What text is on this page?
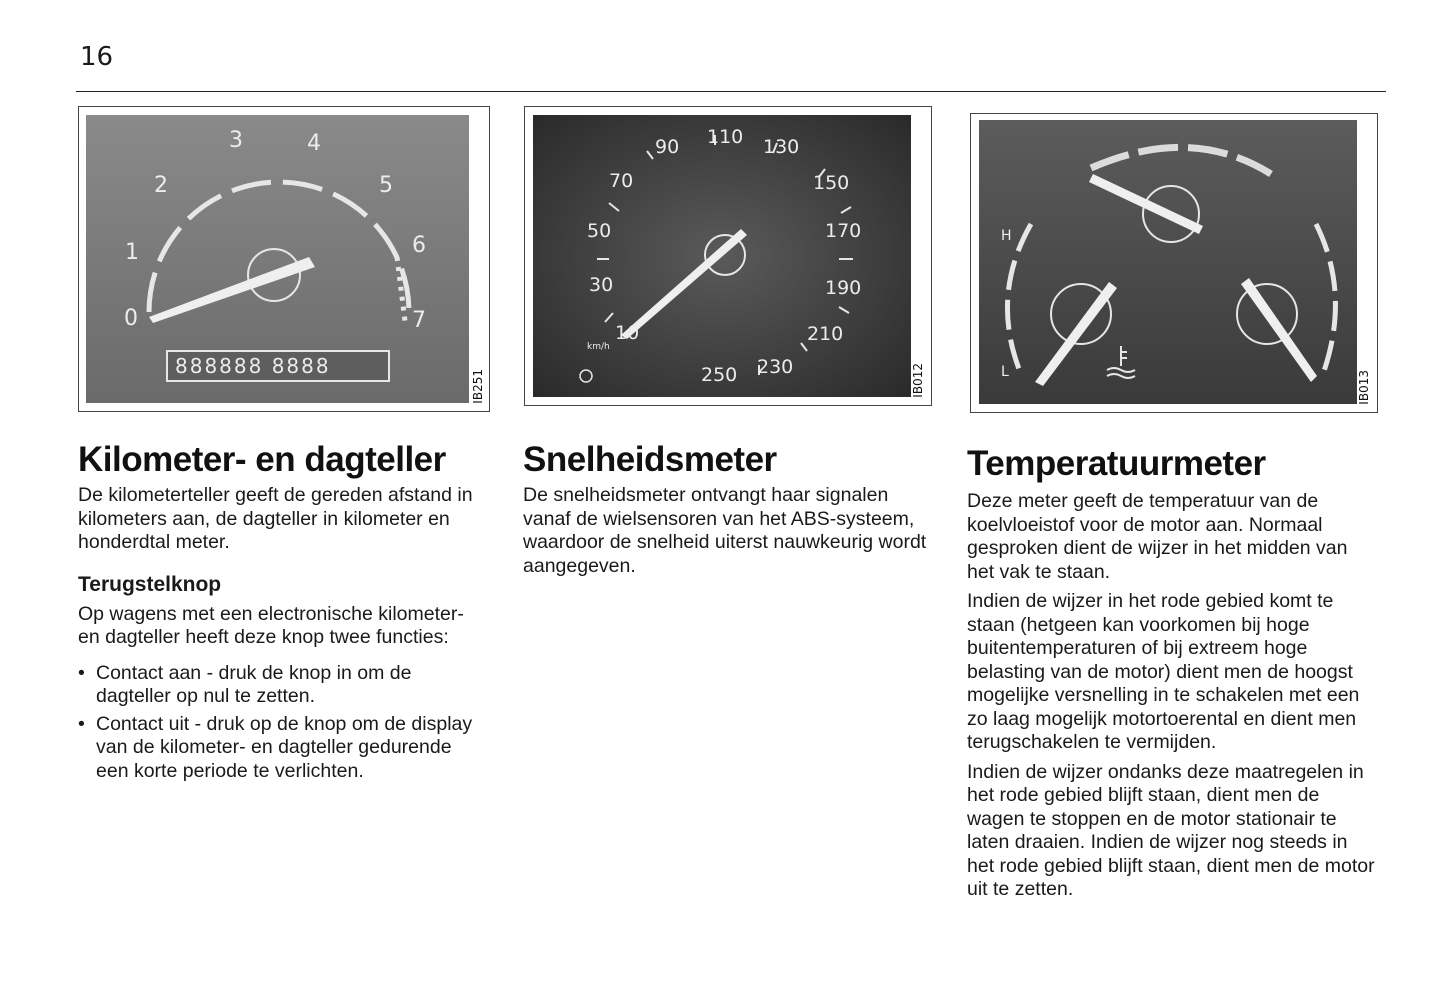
16
0
1
2
3	4
5
6
7
888888 8888
IB251
10
30
50
70
90 110 130
150
170
190
210
230
250
km/h
IB012
H
L	IB013
Kilometer- en dagteller

De kilometerteller geeft de gereden afstand in kilometers aan, de dagteller in kilometer en honderdtal meter.

Terugstelknop

Op wagens met een electronische kilometer- en dagteller heeft deze knop twee functies:

• Contact aan - druk de knop in om de dagteller op nul te zetten.
• Contact uit - druk op de knop om de display van de kilometer- en dagteller gedurende een korte periode te verlichten.
Snelheidsmeter

De snelheidsmeter ontvangt haar signalen vanaf de wielsensoren van het ABS-systeem, waardoor de snelheid uiterst nauwkeurig wordt aangegeven.

Temperatuurmeter

Deze meter geeft de temperatuur van de koelvloeistof voor de motor aan. Normaal gesproken dient de wijzer in het midden van het vak te staan.

Indien de wijzer in het rode gebied komt te staan (hetgeen kan voorkomen bij hoge buitentemperaturen of bij extreem hoge belasting van de motor) dient men de hoogst mogelijke versnelling in te schakelen met een zo laag mogelijk motortoerental en dient men terugschakelen te vermijden.

Indien de wijzer ondanks deze maatregelen in het rode gebied blijft staan, dient men de wagen te stoppen en de motor stationair te laten draaien. Indien de wijzer nog steeds in het rode gebied blijft staan, dient men de motor uit te zetten.
